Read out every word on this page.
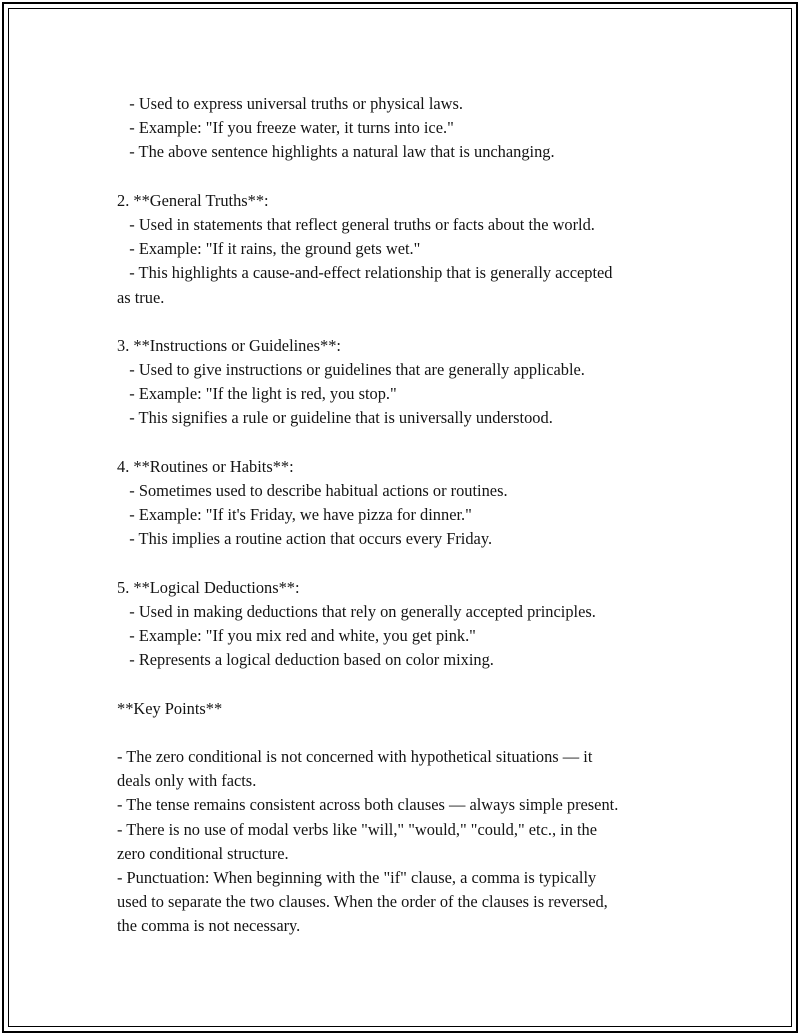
- Used to express universal truths or physical laws.
- Example: "If you freeze water, it turns into ice."
- The above sentence highlights a natural law that is unchanging.
2. **General Truths**:
- Used in statements that reflect general truths or facts about the world.
- Example: "If it rains, the ground gets wet."
- This highlights a cause-and-effect relationship that is generally accepted
as true.
3. **Instructions or Guidelines**:
- Used to give instructions or guidelines that are generally applicable.
- Example: "If the light is red, you stop."
- This signifies a rule or guideline that is universally understood.
4. **Routines or Habits**:
- Sometimes used to describe habitual actions or routines.
- Example: "If it's Friday, we have pizza for dinner."
- This implies a routine action that occurs every Friday.
5. **Logical Deductions**:
- Used in making deductions that rely on generally accepted principles.
- Example: "If you mix red and white, you get pink."
- Represents a logical deduction based on color mixing.
**Key Points**
- The zero conditional is not concerned with hypothetical situations — it
deals only with facts.
- The tense remains consistent across both clauses — always simple present.
- There is no use of modal verbs like "will," "would," "could," etc., in the
zero conditional structure.
- Punctuation: When beginning with the "if" clause, a comma is typically
used to separate the two clauses. When the order of the clauses is reversed,
the comma is not necessary.
